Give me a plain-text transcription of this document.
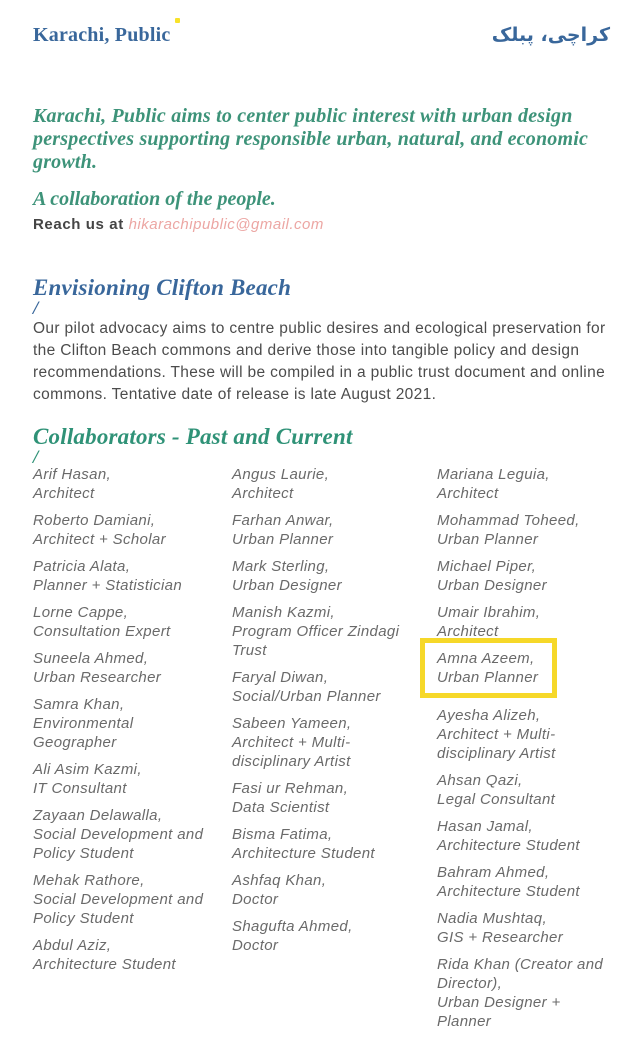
Karachi, Public	کراچی، پبلک

Karachi, Public aims to center public interest with urban design perspectives supporting responsible urban, natural, and economic growth.

A collaboration of the people.

Reach us at hikarachipublic@gmail.com

Envisioning Clifton Beach
/

Our pilot advocacy aims to centre public desires and ecological preservation for the Clifton Beach commons and derive those into tangible policy and design recommendations. These will be compiled in a public trust document and online commons. Tentative date of release is late August 2021.

Collaborators - Past and Current
/
Arif Hasan,
Architect
Roberto Damiani,
Architect + Scholar
Patricia Alata,
Planner + Statistician
Lorne Cappe,
Consultation Expert
Suneela Ahmed,
Urban Researcher
Samra Khan,
Environmental Geographer
Ali Asim Kazmi,
IT Consultant
Zayaan Delawalla,
Social Development and Policy Student
Mehak Rathore,
Social Development and Policy Student
Abdul Aziz,
Architecture Student
Angus Laurie,
Architect
Farhan Anwar,
Urban Planner
Mark Sterling,
Urban Designer
Manish Kazmi,
Program Officer Zindagi Trust
Faryal Diwan,
Social/Urban Planner
Sabeen Yameen,
Architect + Multi-disciplinary Artist
Fasi ur Rehman,
Data Scientist
Bisma Fatima,
Architecture Student
Ashfaq Khan,
Doctor
Shagufta Ahmed,
Doctor
Mariana Leguia,
Architect
Mohammad Toheed,
Urban Planner
Michael Piper,
Urban Designer
Umair Ibrahim,
Architect
Amna Azeem,
Urban Planner
Ayesha Alizeh,
Architect + Multi-disciplinary Artist
Ahsan Qazi,
Legal Consultant
Hasan Jamal,
Architecture Student
Bahram Ahmed,
Architecture Student
Nadia Mushtaq,
GIS + Researcher
Rida Khan (Creator and Director),
Urban Designer + Planner
